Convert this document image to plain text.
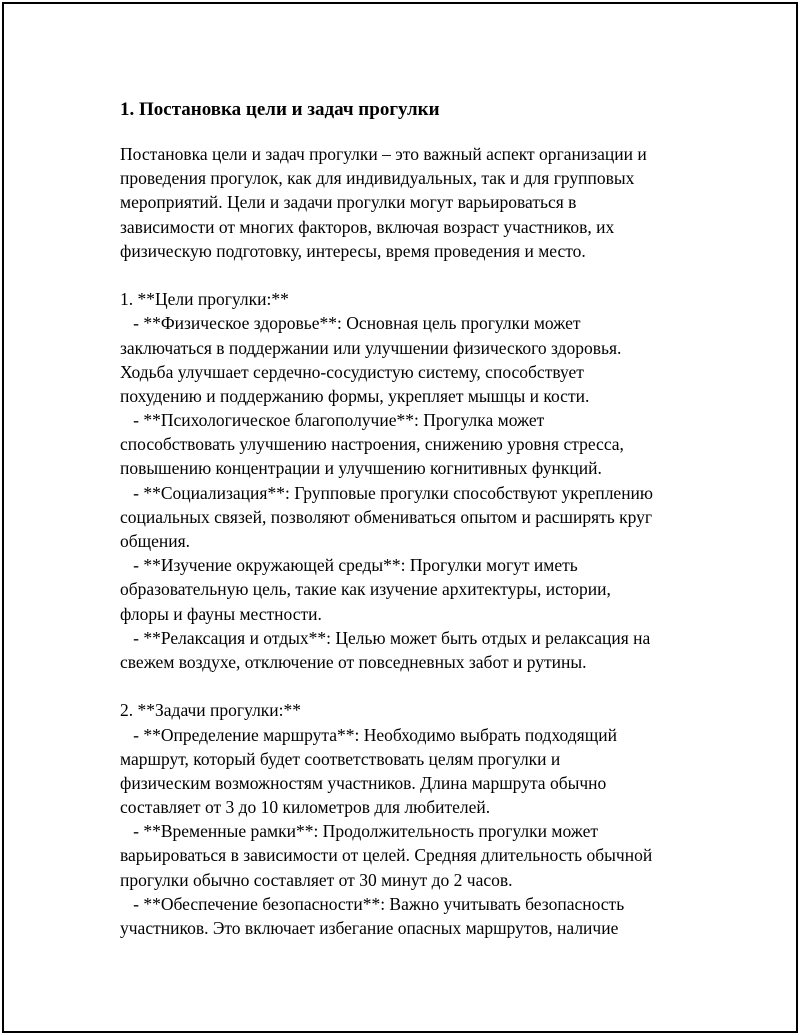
1. Постановка цели и задач прогулки
Постановка цели и задач прогулки – это важный аспект организации и
проведения прогулок, как для индивидуальных, так и для групповых
мероприятий. Цели и задачи прогулки могут варьироваться в
зависимости от многих факторов, включая возраст участников, их
физическую подготовку, интересы, время проведения и место.
1. **Цели прогулки:**
- **Физическое здоровье**: Основная цель прогулки может
заключаться в поддержании или улучшении физического здоровья.
Ходьба улучшает сердечно-сосудистую систему, способствует
похудению и поддержанию формы, укрепляет мышцы и кости.
- **Психологическое благополучие**: Прогулка может
способствовать улучшению настроения, снижению уровня стресса,
повышению концентрации и улучшению когнитивных функций.
- **Социализация**: Групповые прогулки способствуют укреплению
социальных связей, позволяют обмениваться опытом и расширять круг
общения.
- **Изучение окружающей среды**: Прогулки могут иметь
образовательную цель, такие как изучение архитектуры, истории,
флоры и фауны местности.
- **Релаксация и отдых**: Целью может быть отдых и релаксация на
свежем воздухе, отключение от повседневных забот и рутины.
2. **Задачи прогулки:**
- **Определение маршрута**: Необходимо выбрать подходящий
маршрут, который будет соответствовать целям прогулки и
физическим возможностям участников. Длина маршрута обычно
составляет от 3 до 10 километров для любителей.
- **Временные рамки**: Продолжительность прогулки может
варьироваться в зависимости от целей. Средняя длительность обычной
прогулки обычно составляет от 30 минут до 2 часов.
- **Обеспечение безопасности**: Важно учитывать безопасность
участников. Это включает избегание опасных маршрутов, наличие
